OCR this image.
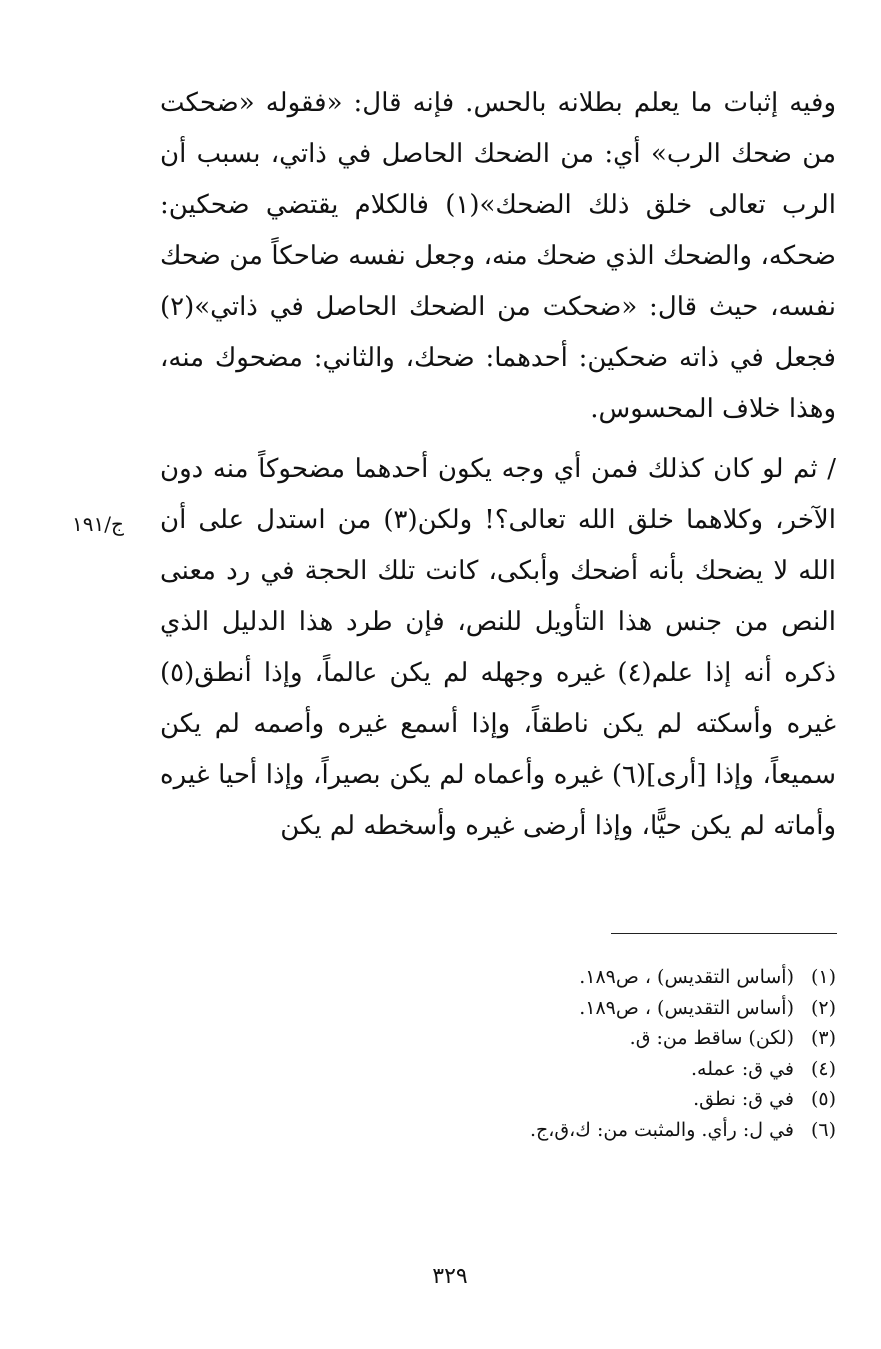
وفيه إثبات ما يعلم بطلانه بالحس. فإنه قال: «فقوله «ضحكت من ضحك الرب» أي: من الضحك الحاصل في ذاتي، بسبب أن الرب تعالى خلق ذلك الضحك»(١) فالكلام يقتضي ضحكين: ضحكه، والضحك الذي ضحك منه، وجعل نفسه ضاحكاً من ضحك نفسه، حيث قال: «ضحكت من الضحك الحاصل في ذاتي»(٢) فجعل في ذاته ضحكين: أحدهما: ضحك، والثاني: مضحوك منه، وهذا خلاف المحسوس.

/ ثم لو كان كذلك فمن أي وجه يكون أحدهما مضحوكاً منه دون الآخر، وكلاهما خلق الله تعالى؟! ولكن(٣) من استدل على أن الله لا يضحك بأنه أضحك وأبكى، كانت تلك الحجة في رد معنى النص من جنس هذا التأويل للنص، فإن طرد هذا الدليل الذي ذكره أنه إذا علم(٤) غيره وجهله لم يكن عالماً، وإذا أنطق(٥) غيره وأسكته لم يكن ناطقاً، وإذا أسمع غيره وأصمه لم يكن سميعاً، وإذا [أرى](٦) غيره وأعماه لم يكن بصيراً، وإذا أحيا غيره وأماته لم يكن حيًّا، وإذا أرضى غيره وأسخطه لم يكن

ج/١٩١
(١)(أساس التقديس) ، ص١٨٩.
(٢)(أساس التقديس) ، ص١٨٩.
(٣)(لكن) ساقط من: ق.
(٤)في ق: عمله.
(٥)في ق: نطق.
(٦)في ل: رأي. والمثبت من: ك،ق،ج.
٣٢٩
